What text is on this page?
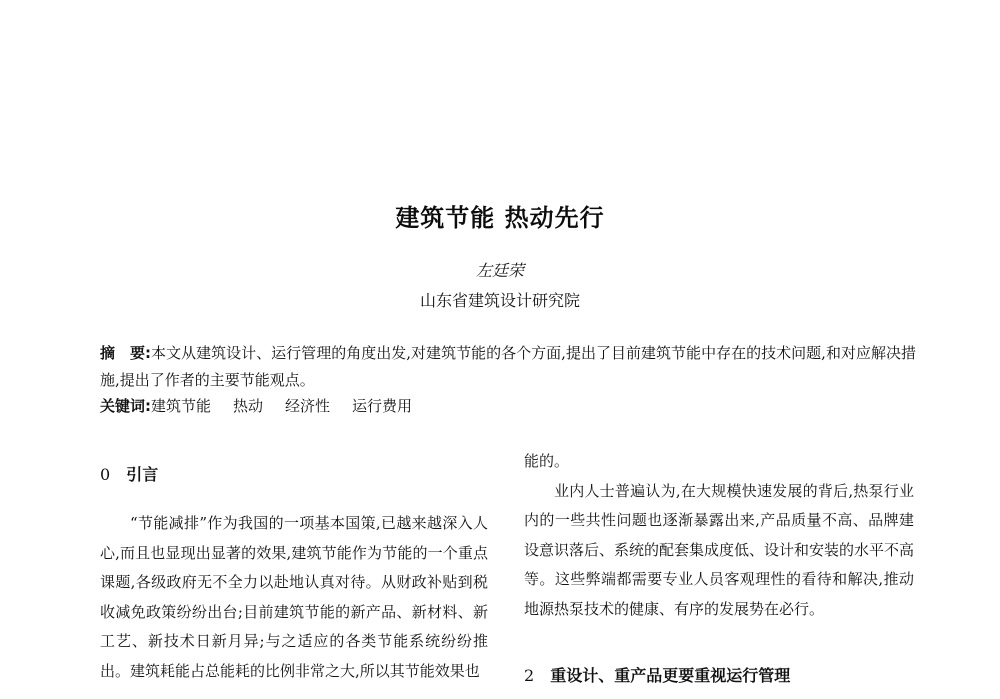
建筑节能 热动先行
左廷荣
山东省建筑设计研究院
摘　要:本文从建筑设计、运行管理的角度出发,对建筑节能的各个方面,提出了目前建筑节能中存在的技术问题,和对应解决措施,提出了作者的主要节能观点。
关键词:建筑节能 热动 经济性 运行费用
0 引言

“节能减排”作为我国的一项基本国策,已越来越深入人心,而且也显现出显著的效果,建筑节能作为节能的一个重点课题,各级政府无不全力以赴地认真对待。从财政补贴到税收减免政策纷纷出台;目前建筑节能的新产品、新材料、新工艺、新技术日新月异;与之适应的各类节能系统纷纷推出。建筑耗能占总能耗的比例非常之大,所以其节能效果也

能的。

业内人士普遍认为,在大规模快速发展的背后,热泵行业内的一些共性问题也逐渐暴露出来,产品质量不高、品牌建设意识落后、系统的配套集成度低、设计和安装的水平不高等。这些弊端都需要专业人员客观理性的看待和解决,推动地源热泵技术的健康、有序的发展势在必行。

2 重设计、重产品更要重视运行管理
